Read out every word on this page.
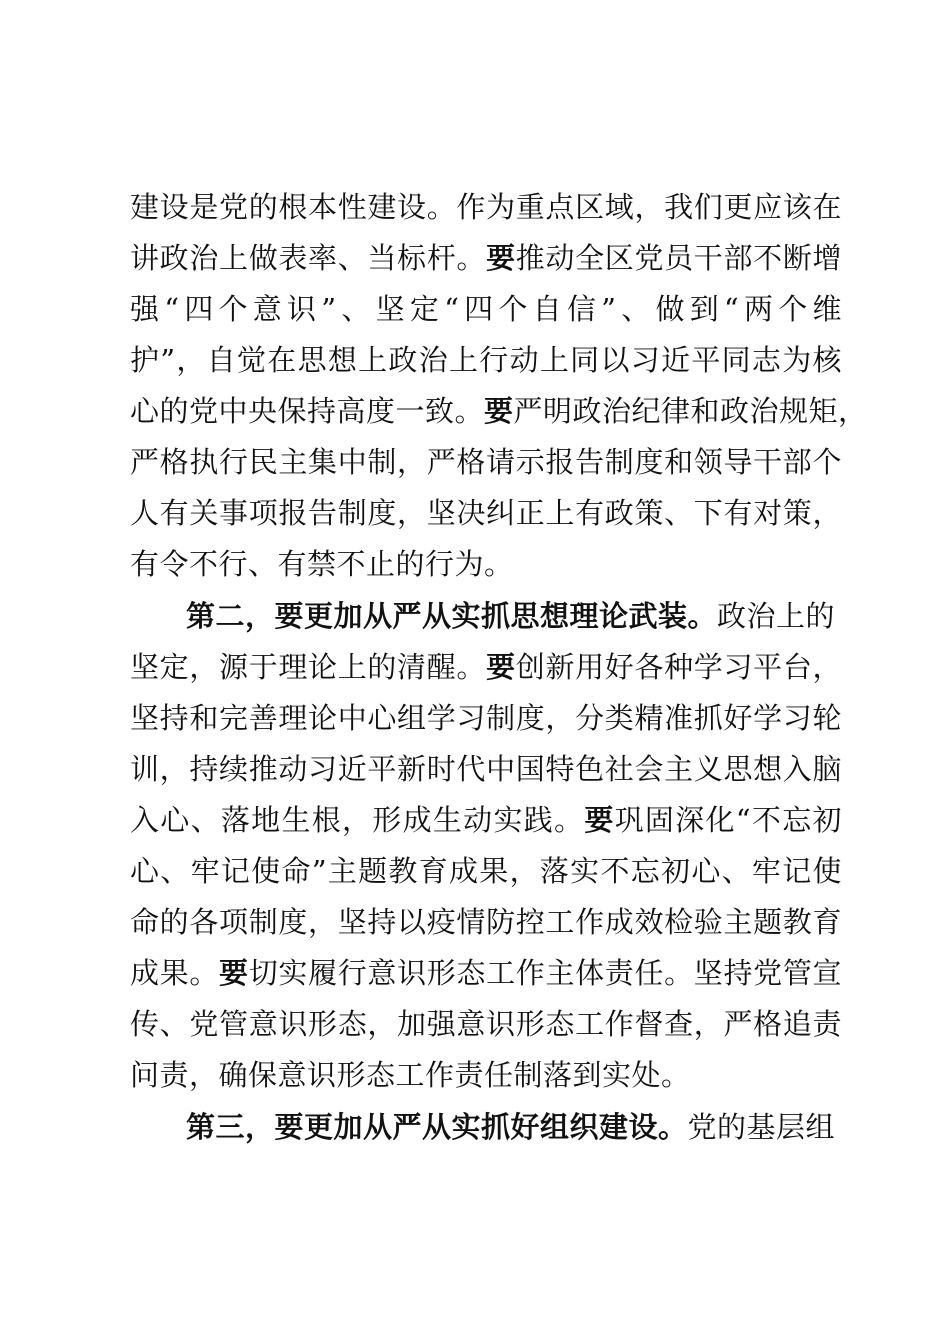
建设是党的根本性建设。作为重点区域，我们更应该在
讲政治上做表率、当标杆。要推动全区党员干部不断增
强“四个意识”、坚定“四个自信”、做到“两个维
护”，自觉在思想上政治上行动上同以习近平同志为核
心的党中央保持高度一致。要严明政治纪律和政治规矩，
严格执行民主集中制，严格请示报告制度和领导干部个
人有关事项报告制度，坚决纠正上有政策、下有对策，
有令不行、有禁不止的行为。
第二，要更加从严从实抓思想理论武装。政治上的
坚定，源于理论上的清醒。要创新用好各种学习平台，
坚持和完善理论中心组学习制度，分类精准抓好学习轮
训，持续推动习近平新时代中国特色社会主义思想入脑
入心、落地生根，形成生动实践。要巩固深化“不忘初
心、牢记使命”主题教育成果，落实不忘初心、牢记使
命的各项制度，坚持以疫情防控工作成效检验主题教育
成果。要切实履行意识形态工作主体责任。坚持党管宣
传、党管意识形态，加强意识形态工作督查，严格追责
问责，确保意识形态工作责任制落到实处。
第三，要更加从严从实抓好组织建设。党的基层组
